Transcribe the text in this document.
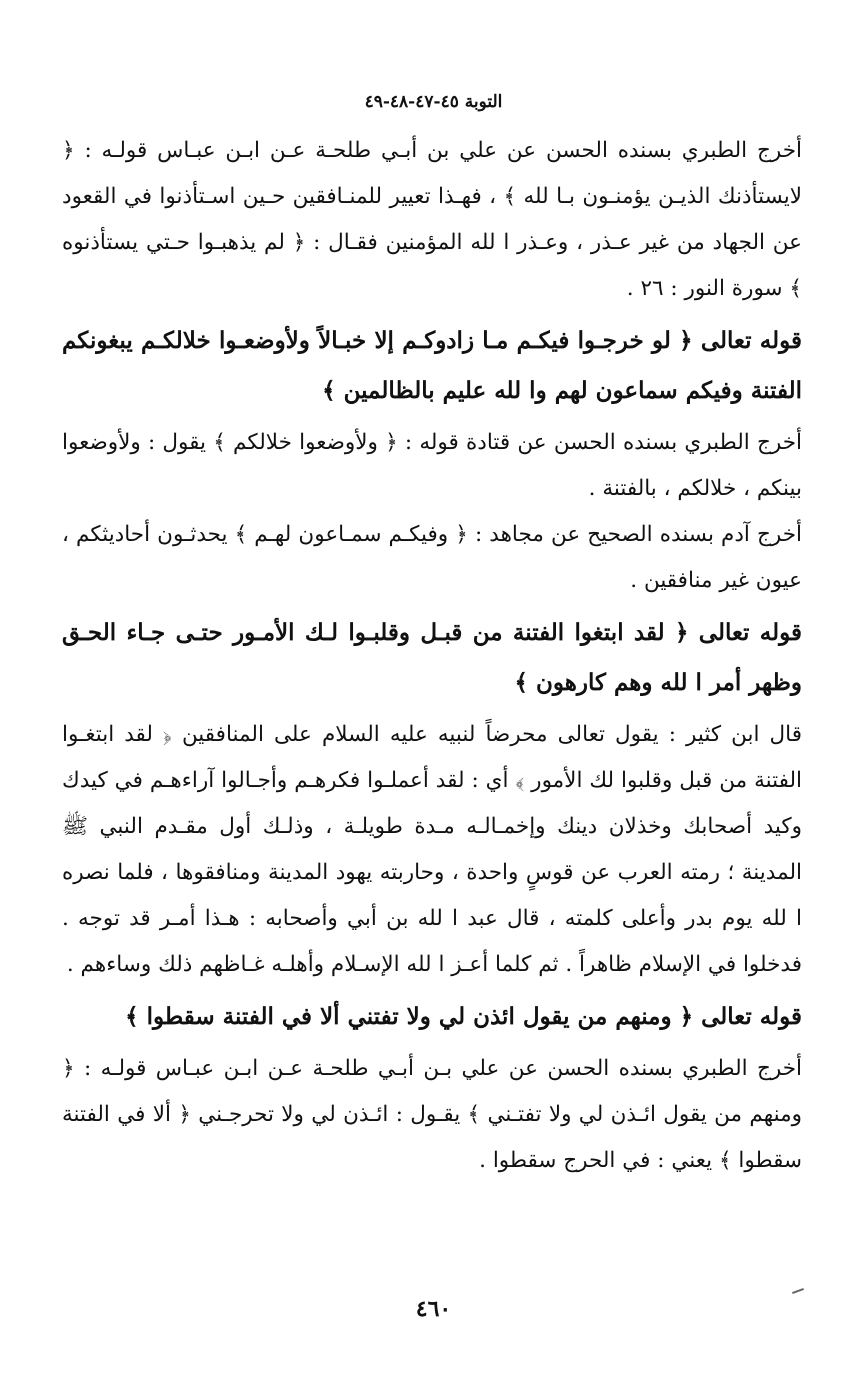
التوبة ٤٥-٤٧-٤٨-٤٩

أخرج الطبري بسنده الحسن عن علي بن أبـي طلحـة عـن ابـن عبـاس قولـه : ﴿ لايستأذنك الذيـن يؤمنـون بـا لله ﴾ ، فهـذا تعيير للمنـافقين حـين اسـتأذنوا في القعود عن الجهاد من غير عـذر ، وعـذر ا لله المؤمنين فقـال : ﴿ لم يذهبـوا حـتي يستأذنوه ﴾ سورة النور : ٢٦ .

قوله تعالى ﴿ لو خرجـوا فيكـم مـا زادوكـم إلا خبـالاً ولأوضعـوا خلالكـم يبغونكم الفتنة وفيكم سماعون لهم وا لله عليم بالظالمين ﴾

أخرج الطبري بسنده الحسن عن قتادة قوله : ﴿ ولأوضعوا خلالكم ﴾ يقول : ولأوضعوا بينكم ، خلالكم ، بالفتنة .

أخرج آدم بسنده الصحيح عن مجاهد : ﴿ وفيكـم سمـاعون لهـم ﴾ يحدثـون أحاديثكم ، عيون غير منافقين .

قوله تعالى ﴿ لقد ابتغوا الفتنة من قبـل وقلبـوا لـك الأمـور حتـى جـاء الحـق وظهر أمر ا لله وهم كارهون ﴾

قال ابن كثير : يقول تعالى محرضاً لنبيه عليه السلام على المنافقين ﴿ لقد ابتغـوا الفتنة من قبل وقلبوا لك الأمور ﴾ أي : لقد أعملـوا فكرهـم وأجـالوا آراءهـم في كيدك وكيد أصحابك وخذلان دينك وإخمـالـه مـدة طويلـة ، وذلـك أول مقـدم النبي ﷺ المدينة ؛ رمته العرب عن قوسٍ واحدة ، وحاربته يهود المدينة ومنافقوها ، فلما نصره ا لله يوم بدر وأعلى كلمته ، قال عبد ا لله بن أبي وأصحابه : هـذا أمـر قد توجه . فدخلوا في الإسلام ظاهراً . ثم كلما أعـز ا لله الإسـلام وأهلـه غـاظهم ذلك وساءهم .

قوله تعالى ﴿ ومنهم من يقول ائذن لي ولا تفتني ألا في الفتنة سقطوا ﴾

أخرج الطبري بسنده الحسن عن علي بـن أبـي طلحـة عـن ابـن عبـاس قولـه : ﴿ ومنهم من يقول ائـذن لي ولا تفتـني ﴾ يقـول : ائـذن لي ولا تحرجـني ﴿ ألا في الفتنة سقطوا ﴾ يعني : في الحرج سقطوا .

٤٦٠
